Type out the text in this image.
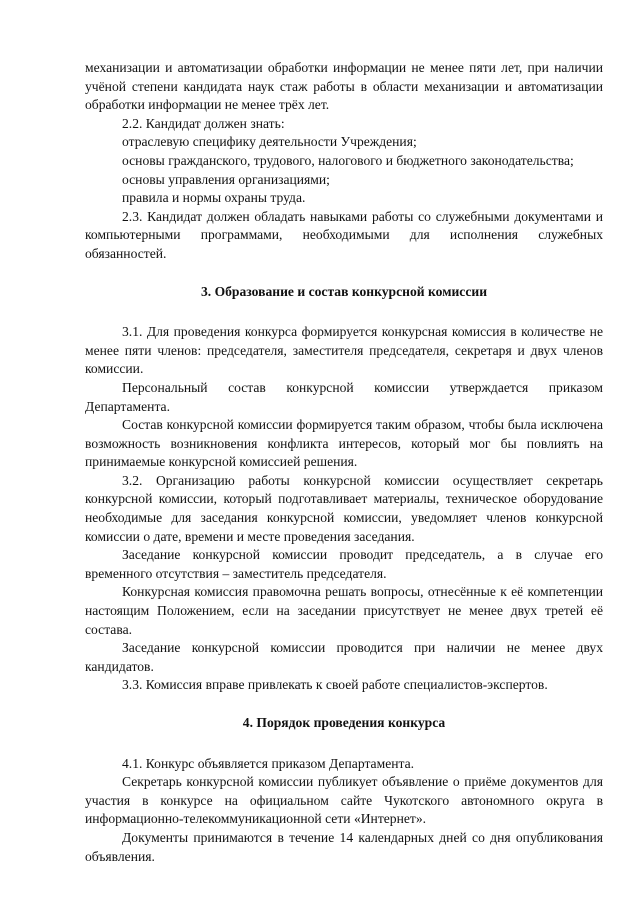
механизации и автоматизации обработки информации не менее пяти лет, при наличии учёной степени кандидата наук стаж работы в области механизации и автоматизации обработки информации не менее трёх лет.

2.2. Кандидат должен знать:

отраслевую специфику деятельности Учреждения;

основы гражданского, трудового, налогового и бюджетного законодательства;

основы управления организациями;

правила и нормы охраны труда.

2.3. Кандидат должен обладать навыками работы со служебными документами и компьютерными программами, необходимыми для исполнения служебных обязанностей.

3. Образование и состав конкурсной комиссии

3.1. Для проведения конкурса формируется конкурсная комиссия в количестве не менее пяти членов: председателя, заместителя председателя, секретаря и двух членов комиссии.

Персональный состав конкурсной комиссии утверждается приказом Департамента.

Состав конкурсной комиссии формируется таким образом, чтобы была исключена возможность возникновения конфликта интересов, который мог бы повлиять на принимаемые конкурсной комиссией решения.

3.2. Организацию работы конкурсной комиссии осуществляет секретарь конкурсной комиссии, который подготавливает материалы, техническое оборудование необходимые для заседания конкурсной комиссии, уведомляет членов конкурсной комиссии о дате, времени и месте проведения заседания.

Заседание конкурсной комиссии проводит председатель, а в случае его временного отсутствия – заместитель председателя.

Конкурсная комиссия правомочна решать вопросы, отнесённые к её компетенции настоящим Положением, если на заседании присутствует не менее двух третей её состава.

Заседание конкурсной комиссии проводится при наличии не менее двух кандидатов.

3.3. Комиссия вправе привлекать к своей работе специалистов-экспертов.

4. Порядок проведения конкурса

4.1. Конкурс объявляется приказом Департамента.

Секретарь конкурсной комиссии публикует объявление о приёме документов для участия в конкурсе на официальном сайте Чукотского автономного округа в информационно-телекоммуникационной сети «Интернет».

Документы принимаются в течение 14 календарных дней со дня опубликования объявления.
